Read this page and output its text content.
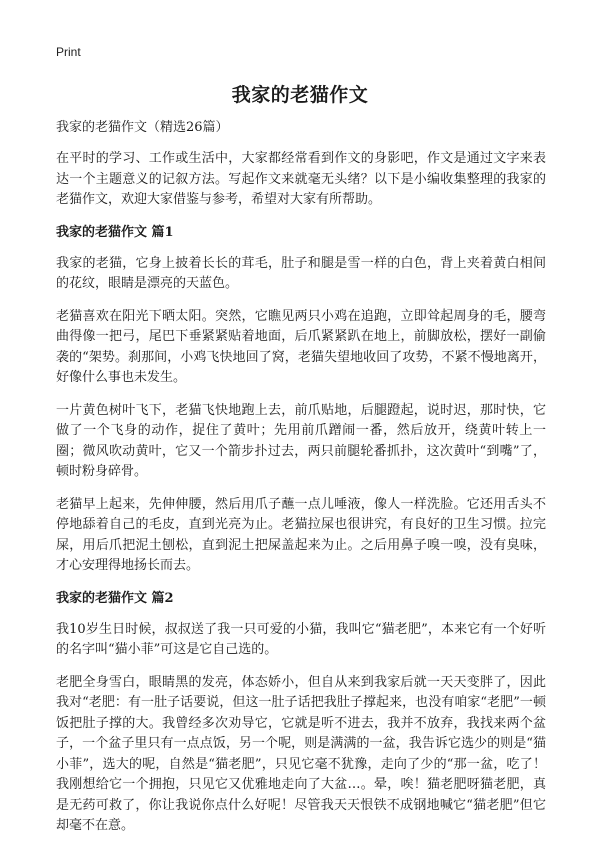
Print
我家的老猫作文
我家的老猫作文（精选26篇）

在平时的学习、工作或生活中，大家都经常看到作文的身影吧，作文是通过文字来表达一个主题意义的记叙方法。写起作文来就毫无头绪？以下是小编收集整理的我家的老猫作文，欢迎大家借鉴与参考，希望对大家有所帮助。

我家的老猫作文 篇1

我家的老猫，它身上披着长长的茸毛，肚子和腿是雪一样的白色，背上夹着黄白相间的花纹，眼睛是漂亮的天蓝色。

老猫喜欢在阳光下晒太阳。突然，它瞧见两只小鸡在追跑，立即耸起周身的毛，腰弯曲得像一把弓，尾巴下垂紧紧贴着地面，后爪紧紧趴在地上，前脚放松，摆好一副偷袭的“架势。刹那间，小鸡飞快地回了窝，老猫失望地收回了攻势，不紧不慢地离开，好像什么事也未发生。

一片黄色树叶飞下，老猫飞快地跑上去，前爪贴地，后腿蹬起，说时迟，那时快，它做了一个飞身的动作，捉住了黄叶；先用前爪蹭闹一番，然后放开，绕黄叶转上一圈；微风吹动黄叶，它又一个箭步扑过去，两只前腿轮番抓扑，这次黄叶“到嘴”了，顿时粉身碎骨。

老猫早上起来，先伸伸腰，然后用爪子蘸一点儿唾液，像人一样洗脸。它还用舌头不停地舔着自己的毛皮，直到光亮为止。老猫拉屎也很讲究，有良好的卫生习惯。拉完屎，用后爪把泥土刨松，直到泥土把屎盖起来为止。之后用鼻子嗅一嗅，没有臭味，才心安理得地扬长而去。

我家的老猫作文 篇2

我10岁生日时候，叔叔送了我一只可爱的小猫，我叫它“猫老肥”，本来它有一个好听的名字叫“猫小菲”可这是它自己选的。

老肥全身雪白，眼睛黑的发亮，体态娇小，但自从来到我家后就一天天变胖了，因此我对“老肥：有一肚子话要说，但这一肚子话把我肚子撑起来，也没有咱家“老肥”一顿饭把肚子撑的大。我曾经多次劝导它，它就是听不进去，我并不放弃，我找来两个盆子，一个盆子里只有一点点饭，另一个呢，则是满满的一盆，我告诉它选少的则是“猫小菲”，选大的呢，自然是“猫老肥”，只见它毫不犹豫，走向了少的“那一盆，吃了！我刚想给它一个拥抱，只见它又优雅地走向了大盆…。晕，唉！猫老肥呀猫老肥，真是无药可救了，你让我说你点什么好呢！尽管我天天恨铁不成钢地喊它“猫老肥”但它却毫不在意。
